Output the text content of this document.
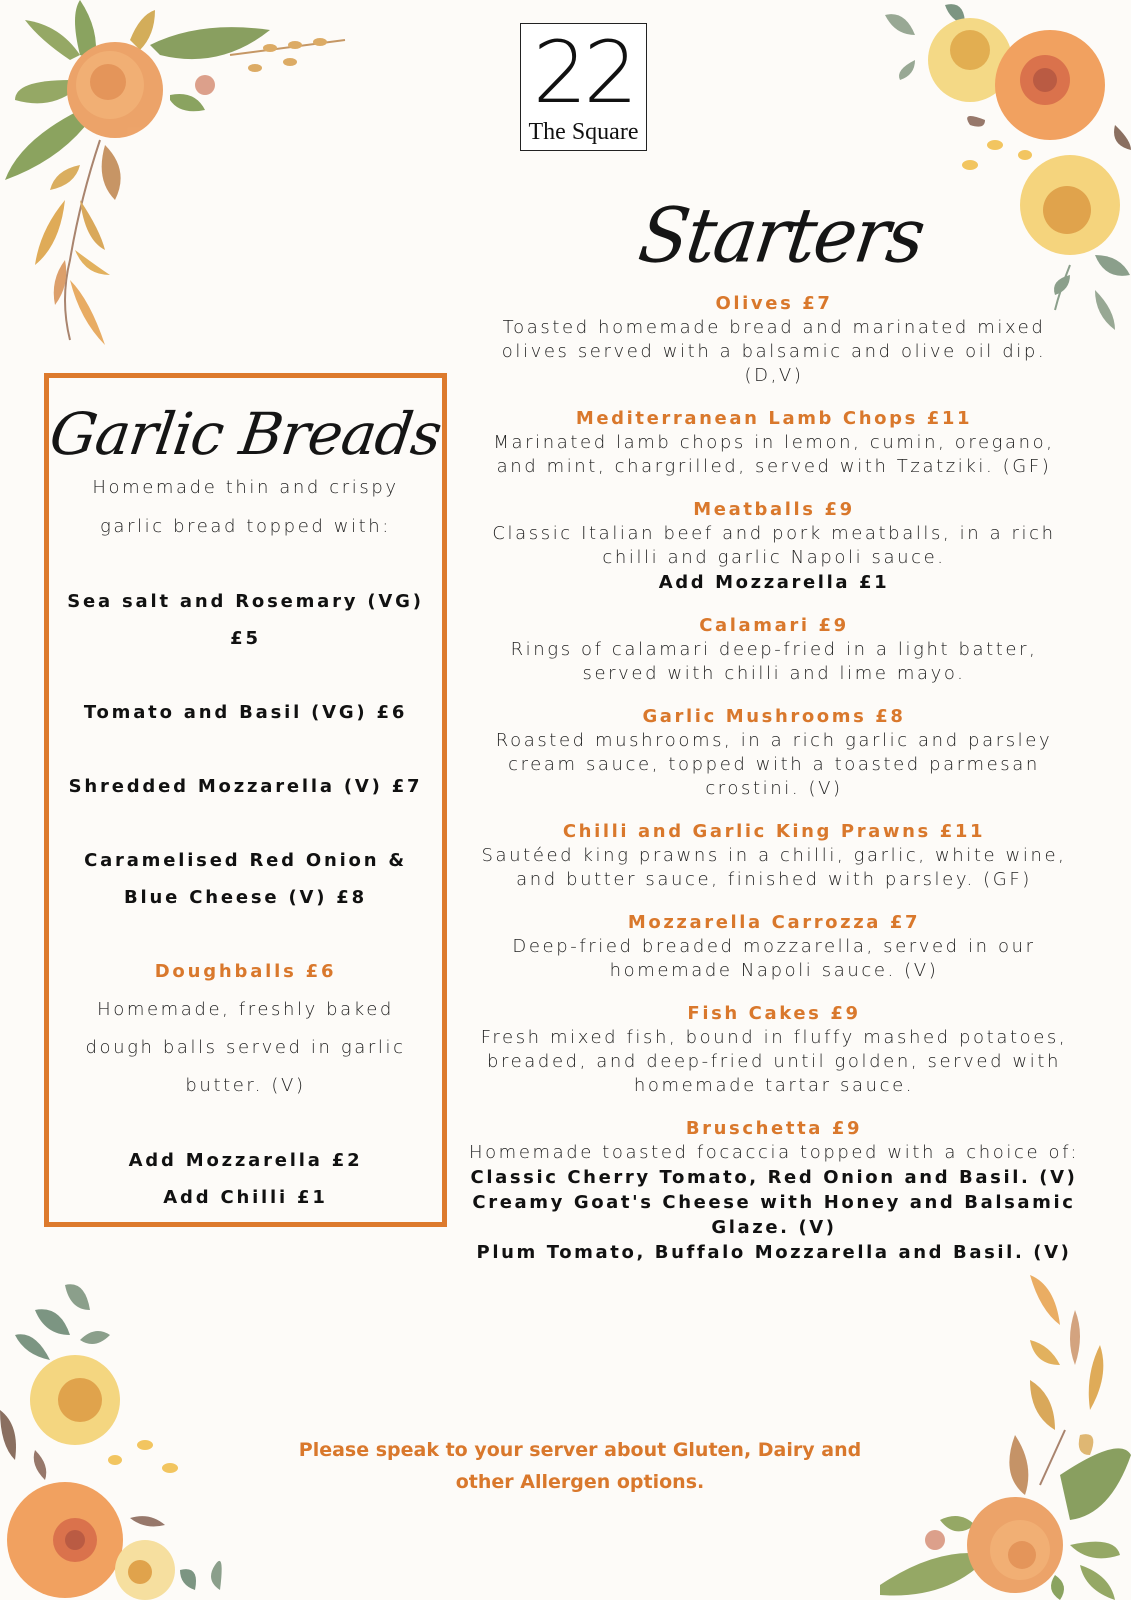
22
The Square
Starters
Olives £7
Toasted homemade bread and marinated mixed olives served with a balsamic and olive oil dip. (D,V)
Mediterranean Lamb Chops £11
Marinated lamb chops in lemon, cumin, oregano, and mint, chargrilled, served with Tzatziki. (GF)
Meatballs £9
Classic Italian beef and pork meatballs, in a rich chilli and garlic Napoli sauce.
Add Mozzarella £1
Calamari £9
Rings of calamari deep-fried in a light batter, served with chilli and lime mayo.
Garlic Mushrooms £8
Roasted mushrooms, in a rich garlic and parsley cream sauce, topped with a toasted parmesan crostini. (V)
Chilli and Garlic King Prawns £11
Sautéed king prawns in a chilli, garlic, white wine, and butter sauce, finished with parsley. (GF)
Mozzarella Carrozza £7
Deep-fried breaded mozzarella, served in our homemade Napoli sauce. (V)
Fish Cakes £9
Fresh mixed fish, bound in fluffy mashed potatoes, breaded, and deep-fried until golden, served with homemade tartar sauce.
Bruschetta £9
Homemade toasted focaccia topped with a choice of:
Classic Cherry Tomato, Red Onion and Basil. (V)
Creamy Goat's Cheese with Honey and Balsamic Glaze. (V)
Plum Tomato, Buffalo Mozzarella and Basil. (V)
Garlic Breads
Homemade thin and crispy
garlic bread topped with:
Sea salt and Rosemary (VG)
£5
Tomato and Basil (VG) £6
Shredded Mozzarella (V) £7
Caramelised Red Onion &
Blue Cheese (V) £8
Doughballs £6
Homemade, freshly baked
dough balls served in garlic
butter. (V)
Add Mozzarella £2
Add Chilli £1
Please speak to your server about Gluten, Dairy and
other Allergen options.
